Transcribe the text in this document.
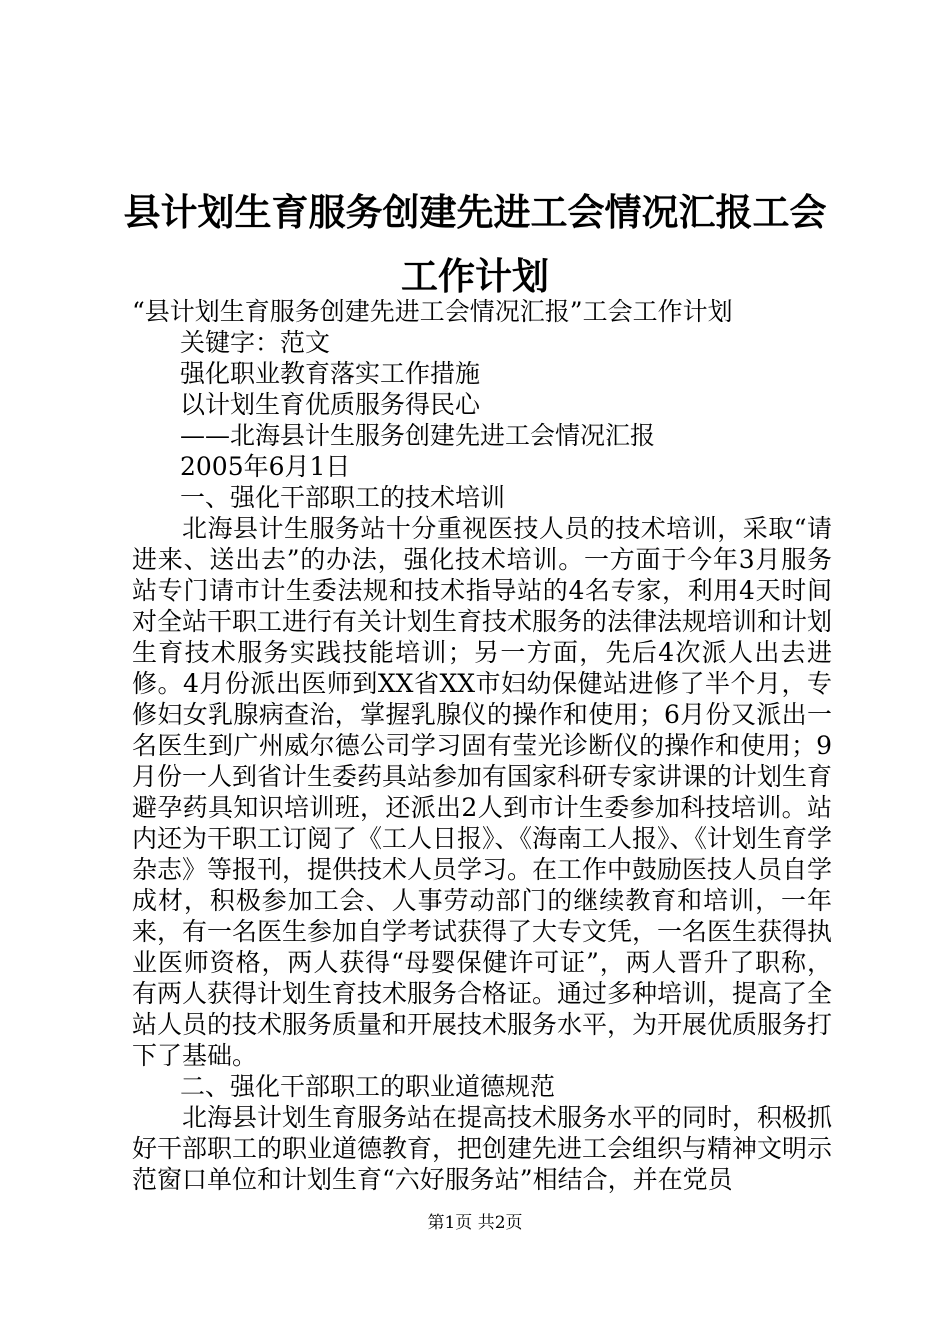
县计划生育服务创建先进工会情况汇报工会工作计划
“县计划生育服务创建先进工会情况汇报”工会工作计划
关键字：范文
强化职业教育落实工作措施
以计划生育优质服务得民心
——北海县计生服务创建先进工会情况汇报
2005年6月1日
一、强化干部职工的技术培训

北海县计生服务站十分重视医技人员的技术培训，采取“请进来、送出去”的办法，强化技术培训。一方面于今年3月服务站专门请市计生委法规和技术指导站的4名专家，利用4天时间对全站干职工进行有关计划生育技术服务的法律法规培训和计划生育技术服务实践技能培训；另一方面，先后4次派人出去进修。4月份派出医师到XX省XX市妇幼保健站进修了半个月，专修妇女乳腺病查治，掌握乳腺仪的操作和使用；6月份又派出一名医生到广州威尔德公司学习固有莹光诊断仪的操作和使用；9月份一人到省计生委药具站参加有国家科研专家讲课的计划生育避孕药具知识培训班，还派出2人到市计生委参加科技培训。站内还为干职工订阅了《工人日报》、《海南工人报》、《计划生育学杂志》等报刊，提供技术人员学习。在工作中鼓励医技人员自学成材，积极参加工会、人事劳动部门的继续教育和培训，一年来，有一名医生参加自学考试获得了大专文凭，一名医生获得执业医师资格，两人获得“母婴保健许可证”，两人晋升了职称，有两人获得计划生育技术服务合格证。通过多种培训，提高了全站人员的技术服务质量和开展技术服务水平，为开展优质服务打下了基础。

二、强化干部职工的职业道德规范

北海县计划生育服务站在提高技术服务水平的同时，积极抓好干部职工的职业道德教育，把创建先进工会组织与精神文明示范窗口单位和计划生育“六好服务站”相结合，并在党员

第1页 共2页
